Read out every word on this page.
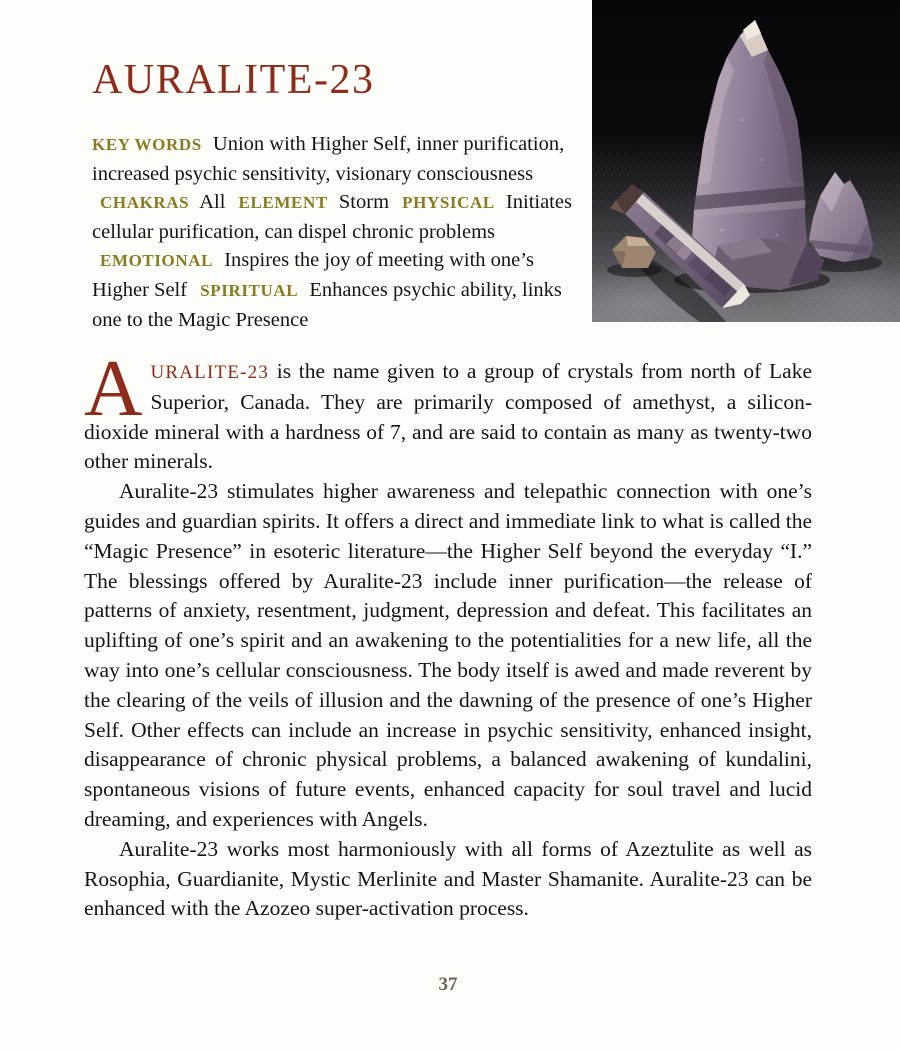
AURALITE-23

KEY WORDS Union with Higher Self, inner purification, increased psychic sensitivity, visionary consciousness CHAKRAS All ELEMENT Storm PHYSICAL Initiates cellular purification, can dispel chronic problems EMOTIONAL Inspires the joy of meeting with one’s Higher Self SPIRITUAL Enhances psychic ability, links one to the Magic Presence

AURALITE-23 is the name given to a group of crystals from north of Lake Superior, Canada. They are primarily composed of amethyst, a silicon-dioxide mineral with a hardness of 7, and are said to contain as many as twenty-two other minerals.

Auralite-23 stimulates higher awareness and telepathic connection with one’s guides and guardian spirits. It offers a direct and immediate link to what is called the “Magic Presence” in esoteric literature—the Higher Self beyond the everyday “I.” The blessings offered by Auralite-23 include inner purification—the release of patterns of anxiety, resentment, judgment, depression and defeat. This facilitates an uplifting of one’s spirit and an awakening to the potentialities for a new life, all the way into one’s cellular consciousness. The body itself is awed and made reverent by the clearing of the veils of illusion and the dawning of the presence of one’s Higher Self. Other effects can include an increase in psychic sensitivity, enhanced insight, disappearance of chronic physical problems, a balanced awakening of kundalini, spontaneous visions of future events, enhanced capacity for soul travel and lucid dreaming, and experiences with Angels.

Auralite-23 works most harmoniously with all forms of Azeztulite as well as Rosophia, Guardianite, Mystic Merlinite and Master Shamanite. Auralite-23 can be enhanced with the Azozeo super-activation process.

37
